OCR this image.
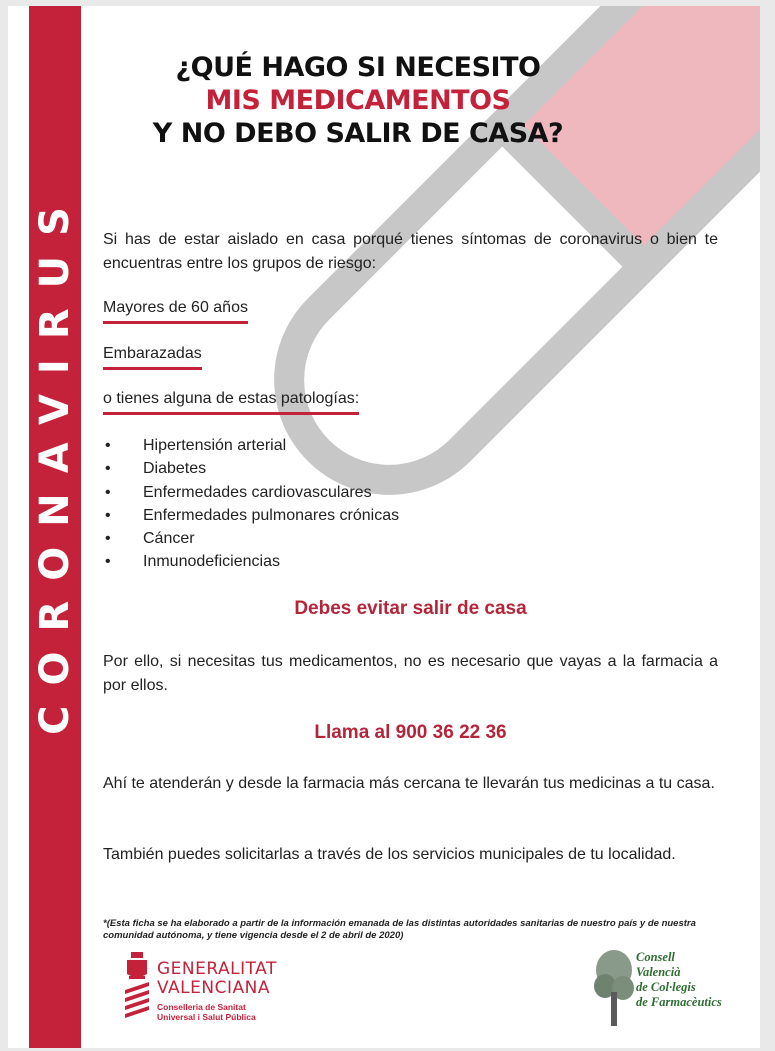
CORONAVIRUS
¿QUÉ HAGO SI NECESITO
MIS MEDICAMENTOS
Y NO DEBO SALIR DE CASA?
Si has de estar aislado en casa porqué tienes síntomas de coronavirus o bien te encuentras entre los grupos de riesgo:
Mayores de 60 años
Embarazadas
o tienes alguna de estas patologías:
• Hipertensión arterial
• Diabetes
• Enfermedades cardiovasculares
• Enfermedades pulmonares crónicas
• Cáncer
• Inmunodeficiencias
Debes evitar salir de casa
Por ello, si necesitas tus medicamentos, no es necesario que vayas a la farmacia a por ellos.
Llama al 900 36 22 36
Ahí te atenderán y desde la farmacia más cercana te llevarán tus medicinas a tu casa.
También puedes solicitarlas a través de los servicios municipales de tu localidad.
*(Esta ficha se ha elaborado a partir de la información emanada de las distintas autoridades sanitarias de nuestro país y de nuestra comunidad autónoma, y tiene vigencia desde el 2 de abril de 2020)
GENERALITAT
VALENCIANA
Conselleria de Sanitat
Universal i Salut Pública
Consell
Valencià
de Col·legis
de Farmacèutics
